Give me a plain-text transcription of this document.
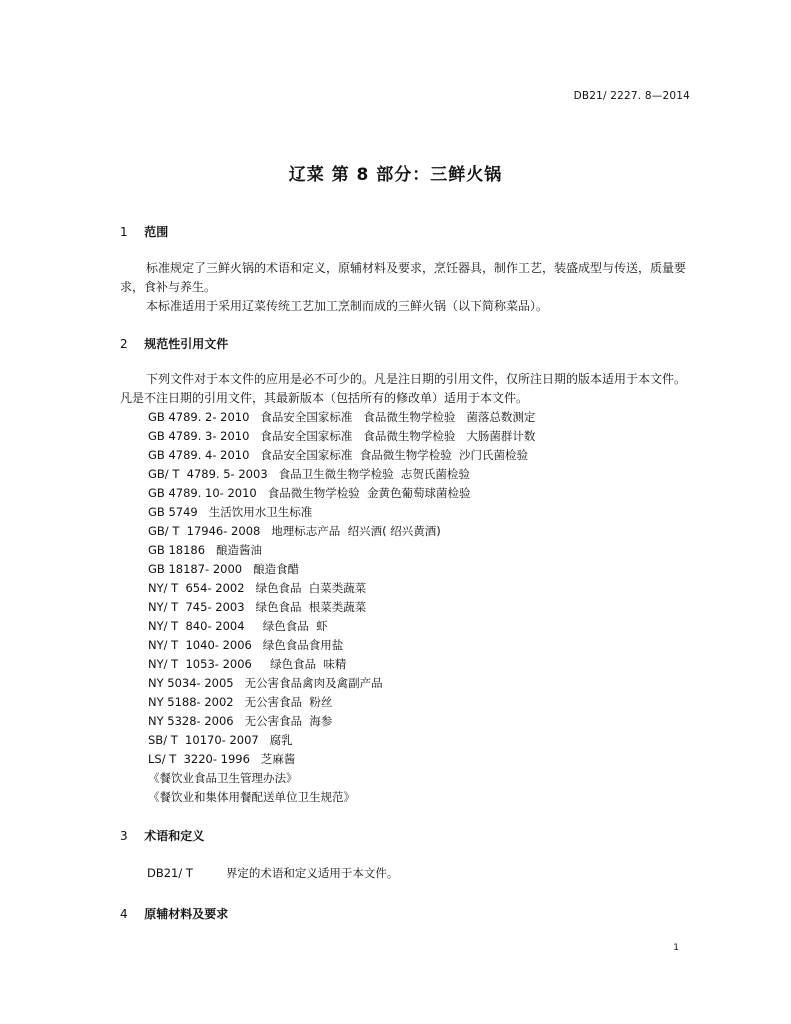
DB21/ 2227. 8—2014
辽菜 第 8 部分：三鲜火锅
1 范围
标准规定了三鲜火锅的术语和定义，原辅材料及要求，烹饪器具，制作工艺，装盛成型与传送，质量要求，食补与养生。
本标准适用于采用辽菜传统工艺加工烹制而成的三鲜火锅（以下简称菜品）。
2 规范性引用文件
下列文件对于本文件的应用是必不可少的。凡是注日期的引用文件，仅所注日期的版本适用于本文件。凡是不注日期的引用文件，其最新版本（包括所有的修改单）适用于本文件。
GB 4789. 2- 2010   食品安全国家标准   食品微生物学检验   菌落总数测定
GB 4789. 3- 2010   食品安全国家标准   食品微生物学检验   大肠菌群计数
GB 4789. 4- 2010   食品安全国家标准  食品微生物学检验  沙门氏菌检验
GB/ T  4789. 5- 2003   食品卫生微生物学检验  志贺氏菌检验
GB 4789. 10- 2010   食品微生物学检验  金黄色葡萄球菌检验
GB 5749   生活饮用水卫生标准
GB/ T  17946- 2008   地理标志产品  绍兴酒( 绍兴黄酒)
GB 18186   酿造酱油
GB 18187- 2000   酿造食醋
NY/ T  654- 2002   绿色食品  白菜类蔬菜
NY/ T  745- 2003   绿色食品  根菜类蔬菜
NY/ T  840- 2004     绿色食品  虾
NY/ T  1040- 2006   绿色食品食用盐
NY/ T  1053- 2006     绿色食品  味精
NY 5034- 2005   无公害食品禽肉及禽副产品
NY 5188- 2002   无公害食品  粉丝
NY 5328- 2006   无公害食品  海参
SB/ T  10170- 2007   腐乳
LS/ T  3220- 1996   芝麻酱
《餐饮业食品卫生管理办法》
《餐饮业和集体用餐配送单位卫生规范》
3 术语和定义
DB21/ T         界定的术语和定义适用于本文件。
4 原辅材料及要求
1
